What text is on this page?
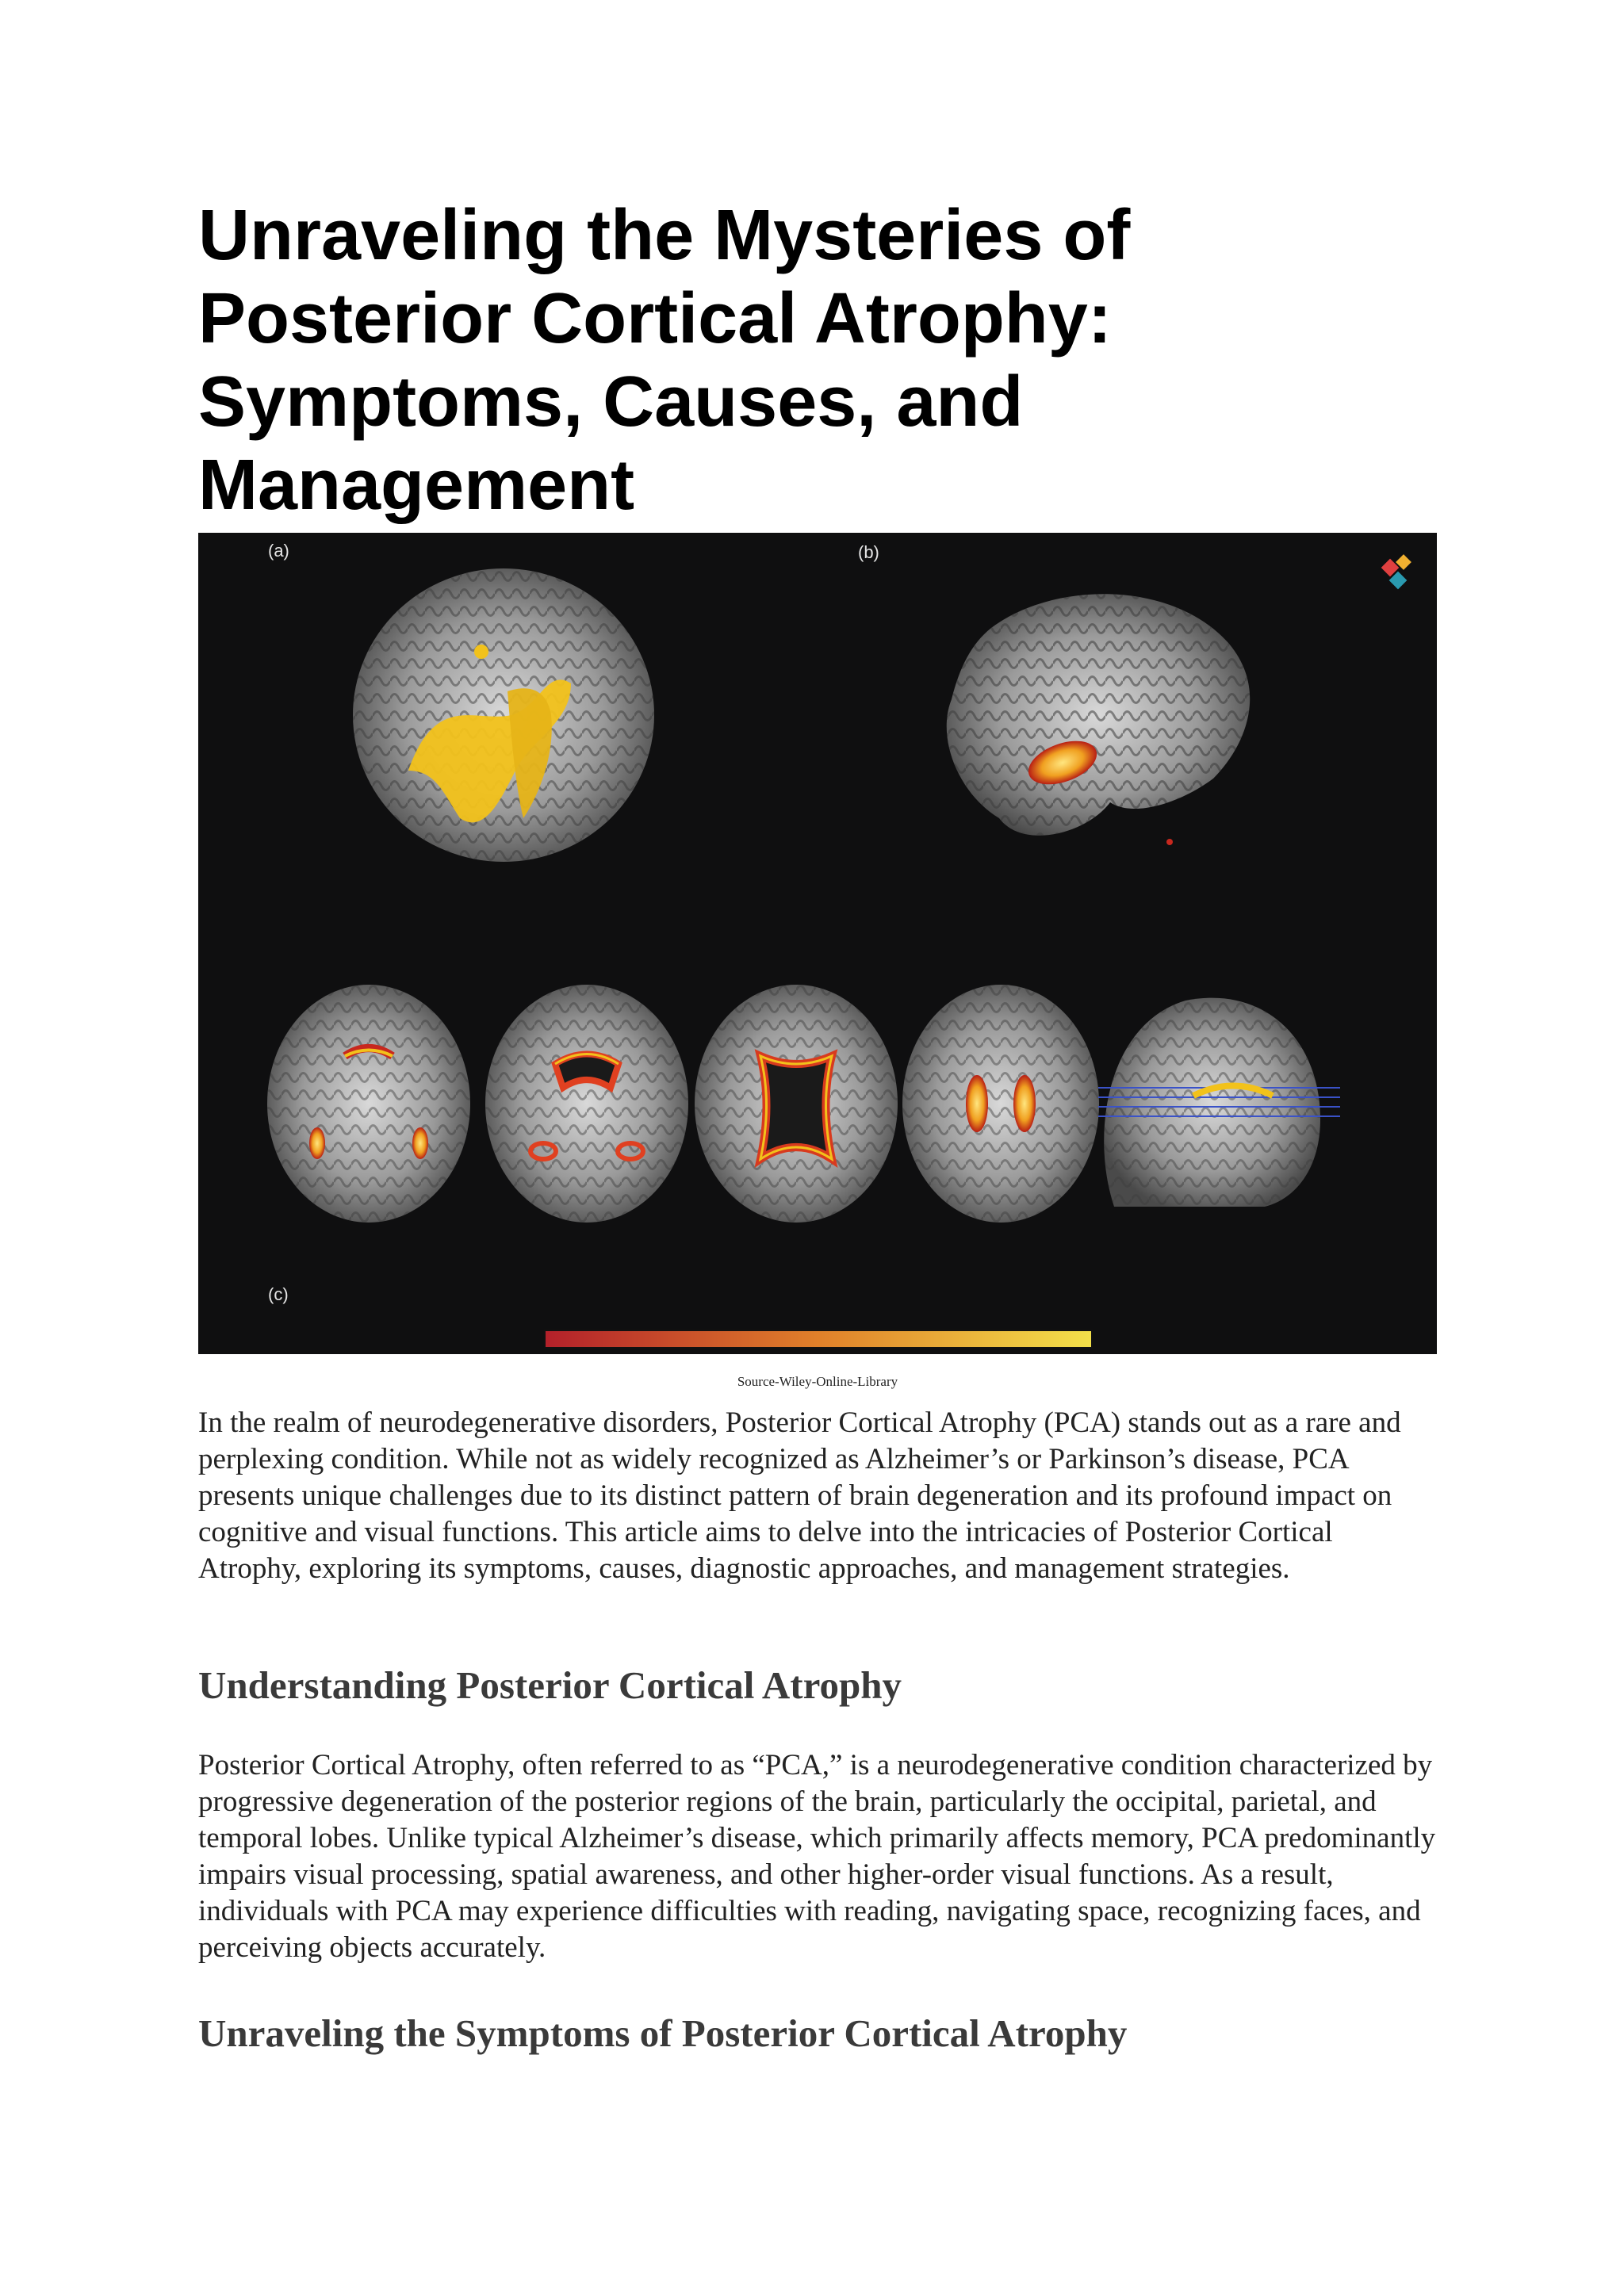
Unraveling the Mysteries of Posterior Cortical Atrophy: Symptoms, Causes, and Management
(a)	(b)
(c)
Source-Wiley-Online-Library

In the realm of neurodegenerative disorders, Posterior Cortical Atrophy (PCA) stands out as a rare and perplexing condition. While not as widely recognized as Alzheimer’s or Parkinson’s disease, PCA presents unique challenges due to its distinct pattern of brain degeneration and its profound impact on cognitive and visual functions. This article aims to delve into the intricacies of Posterior Cortical Atrophy, exploring its symptoms, causes, diagnostic approaches, and management strategies.

Understanding Posterior Cortical Atrophy

Posterior Cortical Atrophy, often referred to as “PCA,” is a neurodegenerative condition characterized by progressive degeneration of the posterior regions of the brain, particularly the occipital, parietal, and temporal lobes. Unlike typical Alzheimer’s disease, which primarily affects memory, PCA predominantly impairs visual processing, spatial awareness, and other higher-order visual functions. As a result, individuals with PCA may experience difficulties with reading, navigating space, recognizing faces, and perceiving objects accurately.

Unraveling the Symptoms of Posterior Cortical Atrophy
